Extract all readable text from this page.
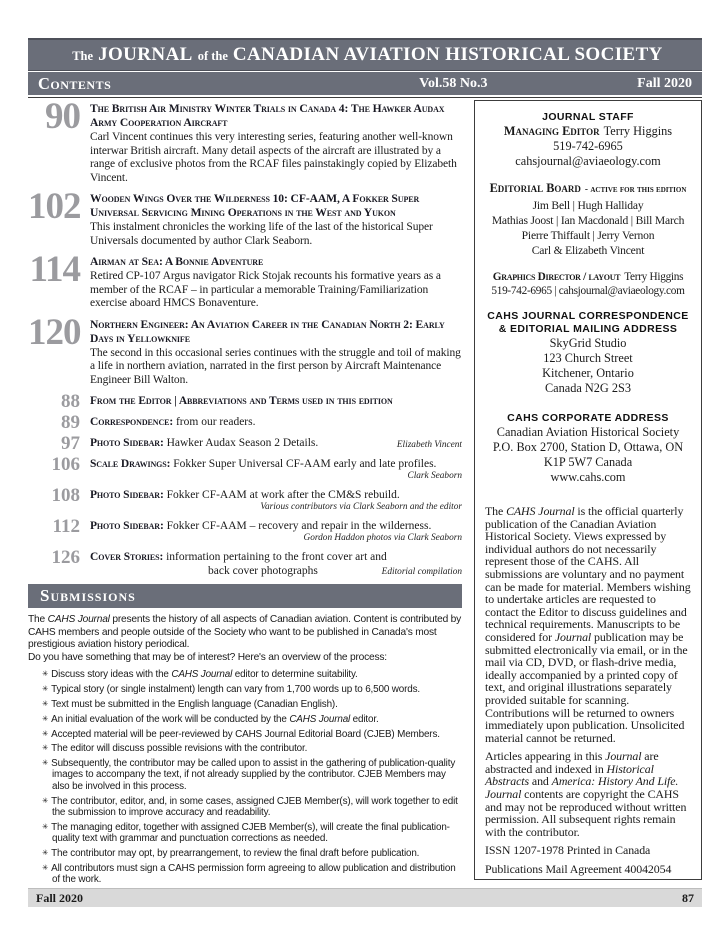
The JOURNAL of the CANADIAN AVIATION HISTORICAL SOCIETY
Contents	Vol.58 No.3	Fall 2020
90 The British Air Ministry Winter Trials in Canada 4: The Hawker Audax Army Cooperation Aircraft
Carl Vincent continues this very interesting series, featuring another well-known interwar British aircraft. Many detail aspects of the aircraft are illustrated by a range of exclusive photos from the RCAF files painstakingly copied by Elizabeth Vincent.
102 Wooden Wings Over the Wilderness 10: CF-AAM, A Fokker Super Universal Servicing Mining Operations in the West and Yukon
This instalment chronicles the working life of the last of the historical Super Universals documented by author Clark Seaborn.
114 Airman at Sea: A Bonnie Adventure
Retired CP-107 Argus navigator Rick Stojak recounts his formative years as a member of the RCAF – in particular a memorable Training/Familiarization exercise aboard HMCS Bonaventure.
120 Northern Engineer: An Aviation Career in the Canadian North 2: Early Days in Yellowknife
The second in this occasional series continues with the struggle and toil of making a life in northern aviation, narrated in the first person by Aircraft Maintenance Engineer Bill Walton.
88 From the Editor | Abbreviations and Terms used in this edition
89 Correspondence: from our readers.
97 Photo Sidebar: Hawker Audax Season 2 Details.	Elizabeth Vincent
106 Scale Drawings: Fokker Super Universal CF-AAM early and late profiles.
Clark Seaborn
108 Photo Sidebar: Fokker CF-AAM at work after the CM&S rebuild.
Various contributors via Clark Seaborn and the editor
112 Photo Sidebar: Fokker CF-AAM – recovery and repair in the wilderness.
Gordon Haddon photos via Clark Seaborn
126 Cover Stories: information pertaining to the front cover art and
back cover photographs	Editorial compilation
Submissions
The CAHS Journal presents the history of all aspects of Canadian aviation. Content is contributed by CAHS members and people outside of the Society who want to be published in Canada's most prestigious aviation history periodical.
Do you have something that may be of interest? Here's an overview of the process:
✳ Discuss story ideas with the CAHS Journal editor to determine suitability.
✳ Typical story (or single instalment) length can vary from 1,700 words up to 6,500 words.
✳ Text must be submitted in the English language (Canadian English).
✳ An initial evaluation of the work will be conducted by the CAHS Journal editor.
✳ Accepted material will be peer-reviewed by CAHS Journal Editorial Board (CJEB) Members.
✳ The editor will discuss possible revisions with the contributor.
✳ Subsequently, the contributor may be called upon to assist in the gathering of publication-quality images to accompany the text, if not already supplied by the contributor. CJEB Members may also be involved in this process.
✳ The contributor, editor, and, in some cases, assigned CJEB Member(s), will work together to edit the submission to improve accuracy and readability.
✳ The managing editor, together with assigned CJEB Member(s), will create the final publication-quality text with grammar and punctuation corrections as needed.
✳ The contributor may opt, by prearrangement, to review the final draft before publication.
✳ All contributors must sign a CAHS permission form agreeing to allow publication and distribution of the work.
JOURNAL STAFF
Managing Editor Terry Higgins
519-742-6965
cahsjournal@aviaeology.com
Editorial Board - active for this edition
Jim Bell | Hugh Halliday
Mathias Joost | Ian Macdonald | Bill March
Pierre Thiffault | Jerry Vernon
Carl & Elizabeth Vincent
Graphics Director / layout Terry Higgins
519-742-6965 | cahsjournal@aviaeology.com
CAHS JOURNAL CORRESPONDENCE
& EDITORIAL MAILING ADDRESS
SkyGrid Studio
123 Church Street
Kitchener, Ontario
Canada N2G 2S3
CAHS CORPORATE ADDRESS
Canadian Aviation Historical Society
P.O. Box 2700, Station D, Ottawa, ON
K1P 5W7 Canada
www.cahs.com
The CAHS Journal is the official quarterly publication of the Canadian Aviation Historical Society. Views expressed by individual authors do not necessarily represent those of the CAHS. All submissions are voluntary and no payment can be made for material. Members wishing to undertake articles are requested to contact the Editor to discuss guidelines and technical requirements. Manuscripts to be considered for Journal publication may be submitted electronically via email, or in the mail via CD, DVD, or flash-drive media, ideally accompanied by a printed copy of text, and original illustrations separately provided suitable for scanning. Contributions will be returned to owners immediately upon publication. Unsolicited material cannot be returned.
Articles appearing in this Journal are abstracted and indexed in Historical Abstracts and America: History And Life. Journal contents are copyright the CAHS and may not be reproduced without written permission. All subsequent rights remain with the contributor.
ISSN 1207-1978 Printed in Canada
Publications Mail Agreement 40042054
Fall 2020	87
